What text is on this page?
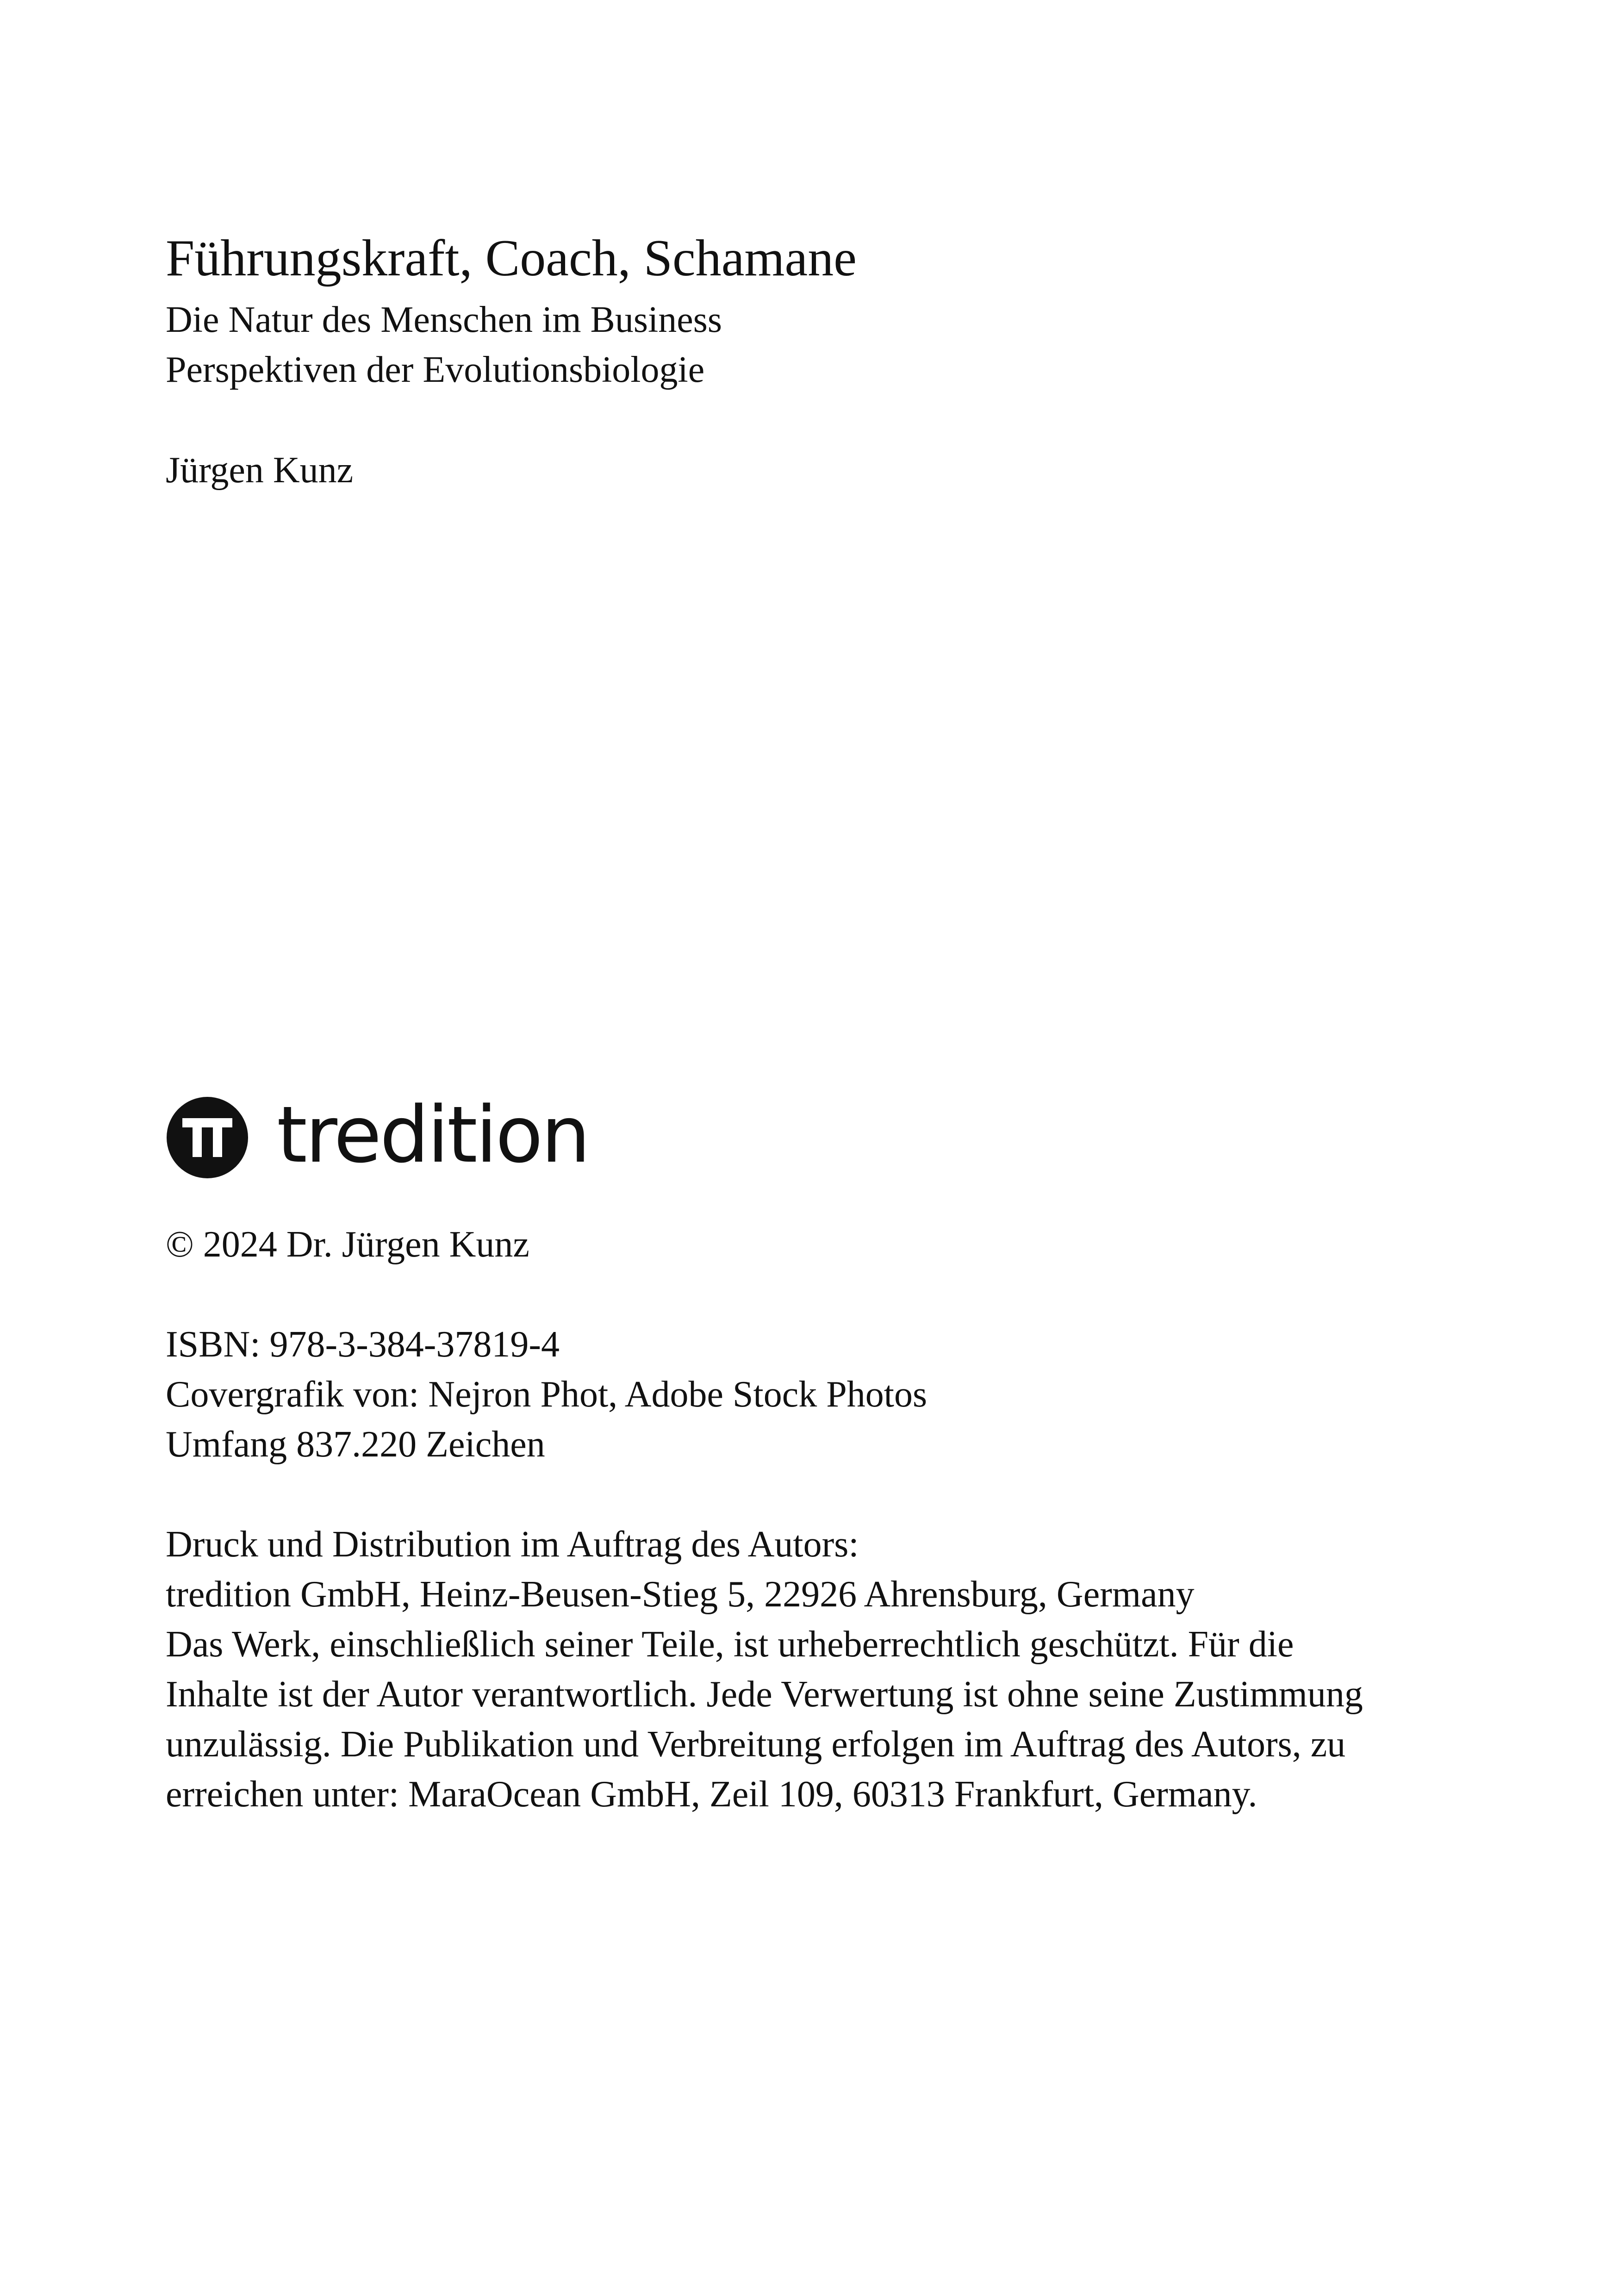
Führungskraft, Coach, Schamane
Die Natur des Menschen im Business
Perspektiven der Evolutionsbiologie
Jürgen Kunz
tredition
© 2024 Dr. Jürgen Kunz
ISBN: 978-3-384-37819-4
Covergrafik von: Nejron Phot, Adobe Stock Photos
Umfang 837.220 Zeichen
Druck und Distribution im Auftrag des Autors:
tredition GmbH, Heinz-Beusen-Stieg 5, 22926 Ahrensburg, Germany
Das Werk, einschließlich seiner Teile, ist urheberrechtlich geschützt. Für die
Inhalte ist der Autor verantwortlich. Jede Verwertung ist ohne seine Zustimmung
unzulässig. Die Publikation und Verbreitung erfolgen im Auftrag des Autors, zu
erreichen unter: MaraOcean GmbH, Zeil 109, 60313 Frankfurt, Germany.
